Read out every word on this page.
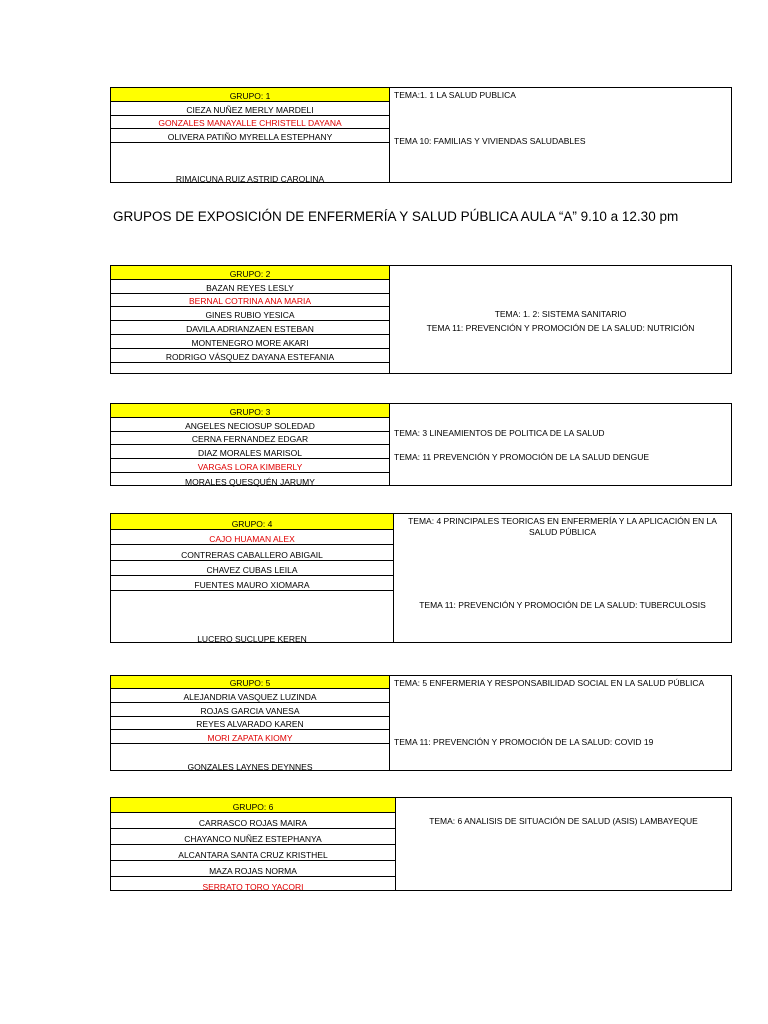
GRUPO: 1
CIEZA NUÑEZ MERLY MARDELI
GONZALES MANAYALLE CHRISTELL DAYANA
OLIVERA PATIÑO MYRELLA ESTEPHANY
RIMAICUNA RUIZ ASTRID CAROLINA
TEMA:1. 1 LA SALUD PUBLICA
TEMA 10: FAMILIAS Y VIVIENDAS SALUDABLES
GRUPO: 2
BAZAN REYES LESLY
BERNAL COTRINA ANA MARIA
GINES RUBIO YESICA
DAVILA ADRIANZAEN ESTEBAN
MONTENEGRO MORE AKARI
RODRIGO VÁSQUEZ DAYANA ESTEFANIA
TEMA: 1. 2: SISTEMA SANITARIO
TEMA 11: PREVENCIÓN Y PROMOCIÓN DE LA SALUD: NUTRICIÓN
GRUPO: 3
ANGELES NECIOSUP SOLEDAD
CERNA FERNANDEZ EDGAR
DIAZ MORALES MARISOL
VARGAS LORA KIMBERLY
MORALES QUESQUÉN JARUMY
TEMA: 3 LINEAMIENTOS DE POLITICA DE LA SALUD
TEMA: 11 PREVENCIÓN Y PROMOCIÓN DE LA SALUD DENGUE
GRUPO: 4
CAJO HUAMAN ALEX
CONTRERAS CABALLERO ABIGAIL
CHAVEZ CUBAS LEILA
FUENTES MAURO XIOMARA
LUCERO SUCLUPE KEREN
TEMA: 4 PRINCIPALES TEORICAS EN ENFERMERÍA Y LA APLICACIÓN EN LA SALUD PÚBLICA
TEMA 11: PREVENCIÓN Y PROMOCIÓN DE LA SALUD: TUBERCULOSIS
GRUPO: 5
ALEJANDRIA VASQUEZ LUZINDA
ROJAS GARCIA VANESA
REYES ALVARADO KAREN
MORI ZAPATA KIOMY
GONZALES LAYNES DEYNNES
TEMA: 5 ENFERMERIA Y RESPONSABILIDAD SOCIAL EN LA SALUD PÚBLICA
TEMA 11: PREVENCIÓN Y PROMOCIÓN DE LA SALUD: COVID 19
GRUPO: 6
CARRASCO ROJAS MAIRA
CHAYANCO NUÑEZ ESTEPHANYA
ALCANTARA SANTA CRUZ KRISTHEL
MAZA ROJAS NORMA
SERRATO TORO YACORI
TEMA: 6 ANALISIS DE SITUACIÓN DE SALUD (ASIS) LAMBAYEQUE
GRUPOS DE EXPOSICIÓN DE ENFERMERÍA Y SALUD PÚBLICA AULA “A” 9.10 a 12.30 pm
